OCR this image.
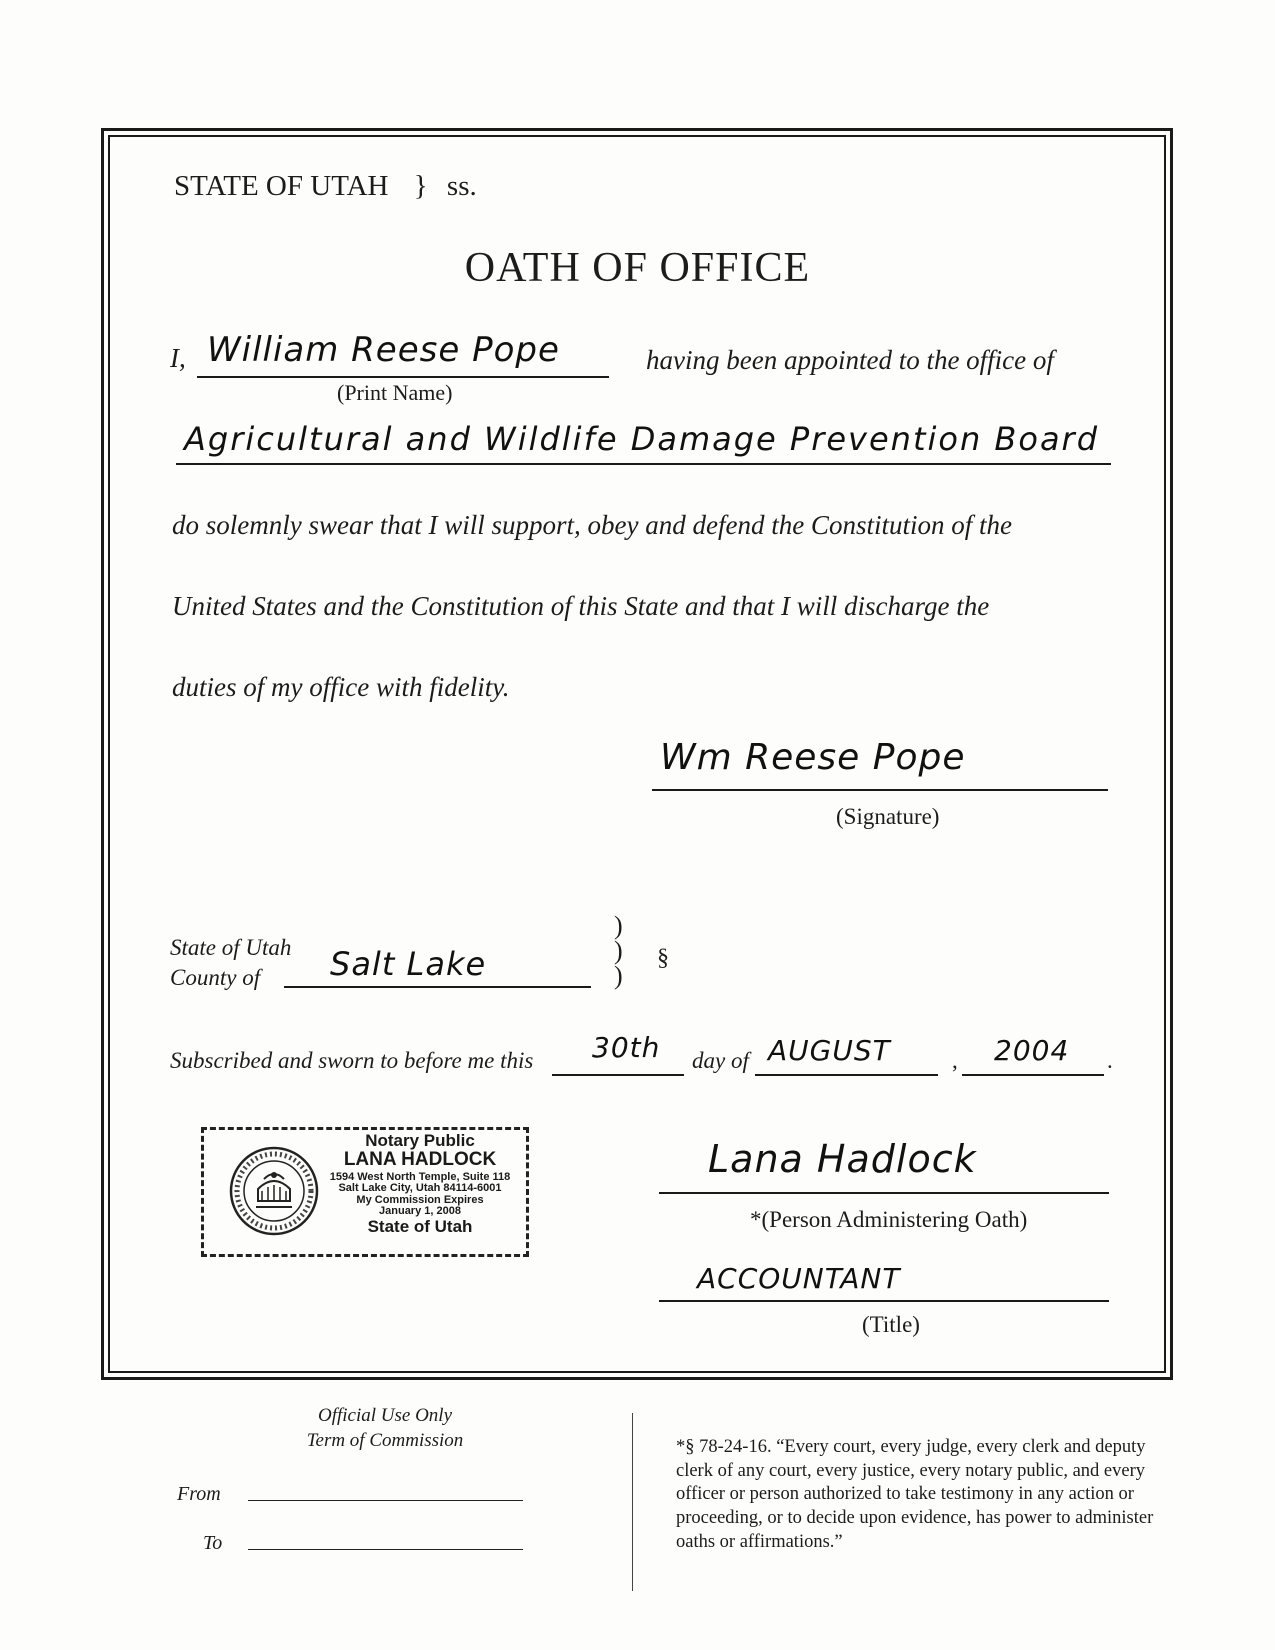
STATE OF UTAH } ss.
OATH OF OFFICE
I, William Reese Pope
(Print Name)
having been appointed to the office of
Agricultural and Wildlife Damage Prevention Board
do solemnly swear that I will support, obey and defend the Constitution of the
United States and the Constitution of this State and that I will discharge the
duties of my office with fidelity.
Wm Reese Pope
(Signature)
State of Utah
County of Salt Lake
)
)
)
§
Subscribed and sworn to before me this 30th day of AUGUST	, 2004 .
Notary Public
LANA HADLOCK
1594 West North Temple, Suite 118
Salt Lake City, Utah 84114-6001
My Commission Expires
January 1, 2008
State of Utah
Lana Hadlock
*(Person Administering Oath)
ACCOUNTANT
(Title)
Official Use Only
Term of Commission
From
To
*§ 78-24-16. “Every court, every judge, every clerk and deputy clerk of any court, every justice, every notary public, and every officer or person authorized to take testimony in any action or proceeding, or to decide upon evidence, has power to administer oaths or affirmations.”
